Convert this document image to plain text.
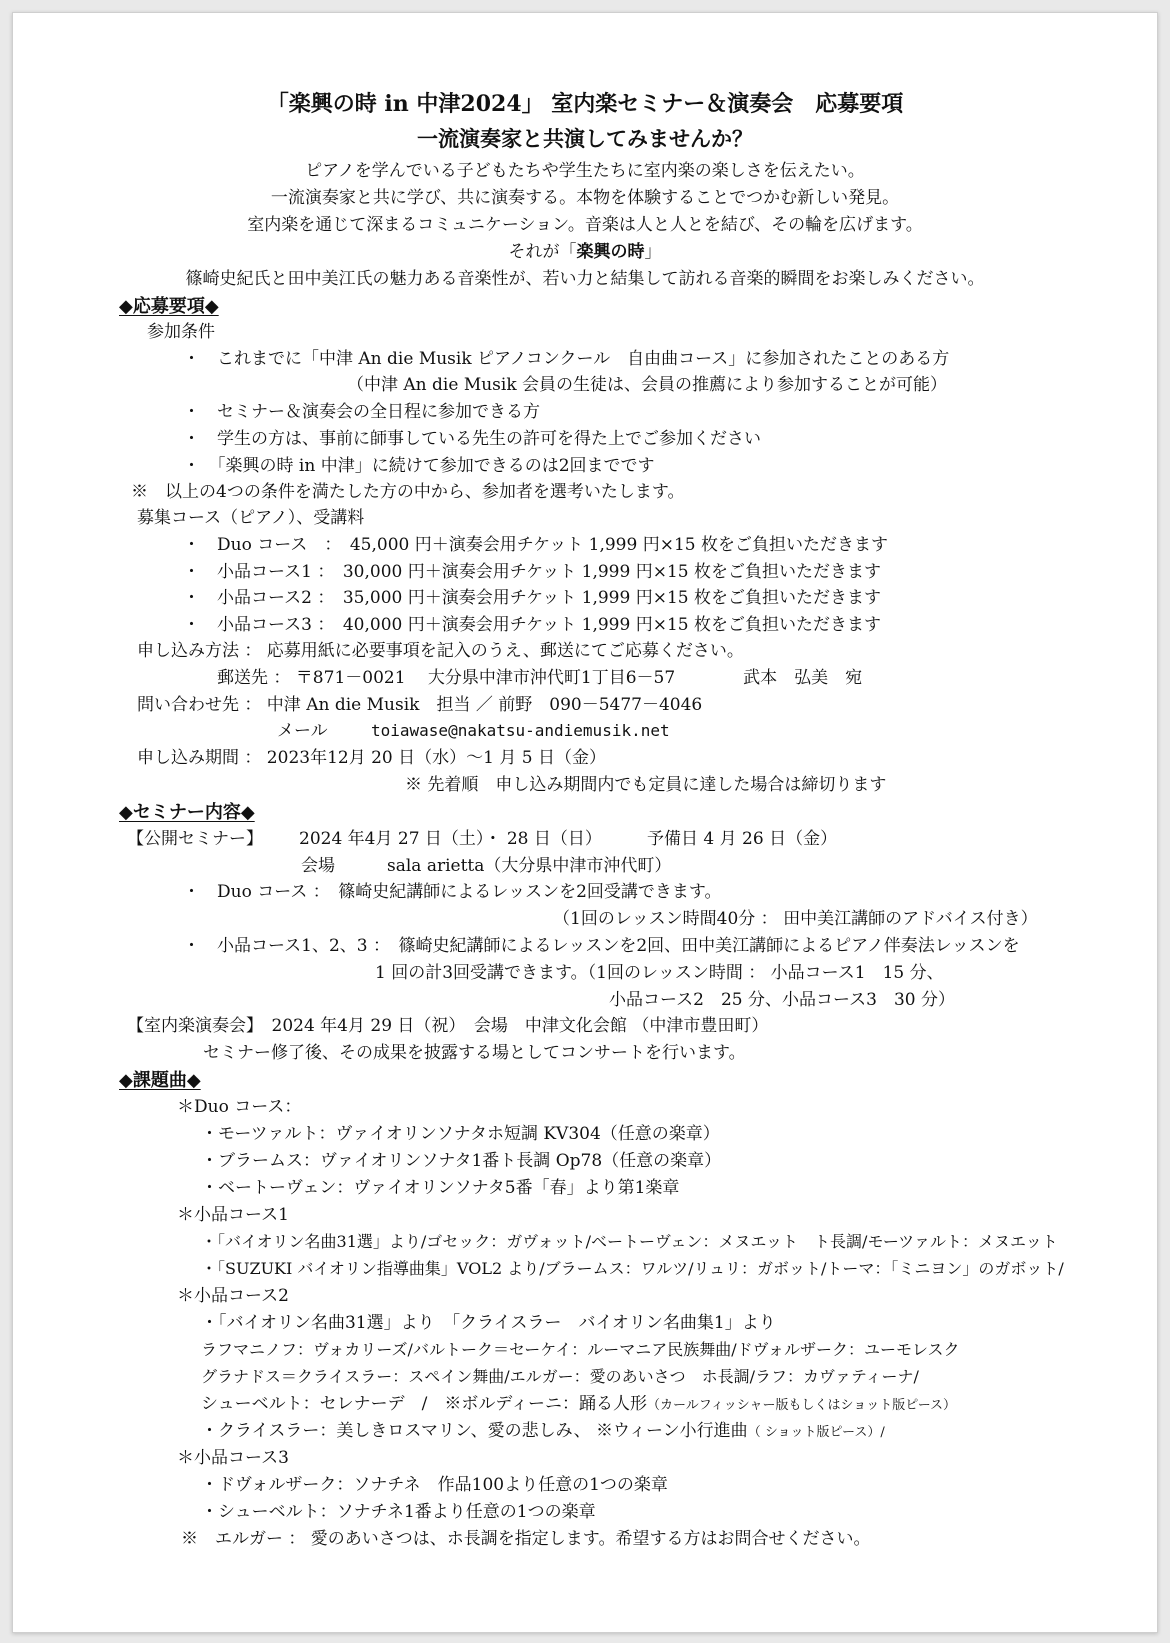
「楽興の時 in 中津2024」 室内楽セミナー＆演奏会　応募要項
一流演奏家と共演してみませんか？
ピアノを学んでいる子どもたちや学生たちに室内楽の楽しさを伝えたい。
一流演奏家と共に学び、共に演奏する。本物を体験することでつかむ新しい発見。
室内楽を通じて深まるコミュニケーション。音楽は人と人とを結び、その輪を広げます。
それが「楽興の時」
篠崎史紀氏と田中美江氏の魅力ある音楽性が、若い力と結集して訪れる音楽的瞬間をお楽しみください。
◆応募要項◆
参加条件
・　これまでに「中津 An die Musik ピアノコンクール　自由曲コース」に参加されたことのある方
（中津 An die Musik 会員の生徒は、会員の推薦により参加することが可能）
・　セミナー＆演奏会の全日程に参加できる方
・　学生の方は、事前に師事している先生の許可を得た上でご参加ください
・　「楽興の時 in 中津」に続けて参加できるのは2回までです
※　以上の4つの条件を満たした方の中から、参加者を選考いたします。
募集コース（ピアノ）、受講料
・　Duo コース　：　45,000 円＋演奏会用チケット 1,999 円×15 枚をご負担いただきます
・　小品コース1 ：　30,000 円＋演奏会用チケット 1,999 円×15 枚をご負担いただきます
・　小品コース2 ：　35,000 円＋演奏会用チケット 1,999 円×15 枚をご負担いただきます
・　小品コース3 ：　40,000 円＋演奏会用チケット 1,999 円×15 枚をご負担いただきます
申し込み方法 ： 応募用紙に必要事項を記入のうえ、郵送にてご応募ください。
郵送先 ： 〒871－0021　 大分県中津市沖代町1丁目6－57　　　　武本　弘美　宛
問い合わせ先 ： 中津 An die Musik　担当 ／ 前野　090－5477－4046
メール	toiawase@nakatsu-andiemusik.net
申し込み期間 ： 2023年12月 20 日（水）～1 月 5 日（金）
※ 先着順　申し込み期間内でも定員に達した場合は締切ります
◆セミナー内容◆
【公開セミナー】 2024 年4月 27 日（土）・ 28 日（日）	予備日 4 月 26 日（金）
会場	sala arietta（大分県中津市沖代町）
・　Duo コース ：　篠崎史紀講師によるレッスンを2回受講できます。
（1回のレッスン時間40分 ： 田中美江講師のアドバイス付き）
・　小品コース1、2、3 ：　篠崎史紀講師によるレッスンを2回、田中美江講師によるピアノ伴奏法レッスンを
1 回の計3回受講できます。（1回のレッスン時間 ： 小品コース1　15 分、
小品コース2　25 分、小品コース3　30 分）
【室内楽演奏会】　2024 年4月 29 日（祝）　会場　中津文化会館 （中津市豊田町）
セミナー修了後、その成果を披露する場としてコンサートを行います。
◆課題曲◆
＊Duo コース：
・モーツァルト：ヴァイオリンソナタホ短調 KV304（任意の楽章）
・ブラームス：ヴァイオリンソナタ1番ト長調 Op78（任意の楽章）
・ベートーヴェン：ヴァイオリンソナタ5番「春」より第1楽章
＊小品コース1
・「バイオリン名曲31選」より/ゴセック：ガヴォット/ベートーヴェン：メヌエット　ト長調/モーツァルト：メヌエット
・「SUZUKI バイオリン指導曲集」VOL2 より/ブラームス：ワルツ/リュリ：ガボット/トーマ：「ミニヨン」のガボット/
＊小品コース2
・「バイオリン名曲31選」より　「クライスラー　バイオリン名曲集1」より
ラフマニノフ：ヴォカリーズ/バルトーク＝セーケイ：ルーマニア民族舞曲/ドヴォルザーク：ユーモレスク
グラナドス＝クライスラー：スペイン舞曲/エルガー：愛のあいさつ　ホ長調/ラフ：カヴァティーナ/
シューベルト：セレナーデ　/　※ボルディーニ：踊る人形（カールフィッシャー版もしくはショット版ピース）
・クライスラー：美しきロスマリン、愛の悲しみ、 ※ウィーン小行進曲（ ショット版ピース）/
＊小品コース3
・ドヴォルザーク：ソナチネ　作品100より任意の1つの楽章
・シューベルト：ソナチネ1番より任意の1つの楽章
※　エルガー ： 愛のあいさつは、ホ長調を指定します。希望する方はお問合せください。
